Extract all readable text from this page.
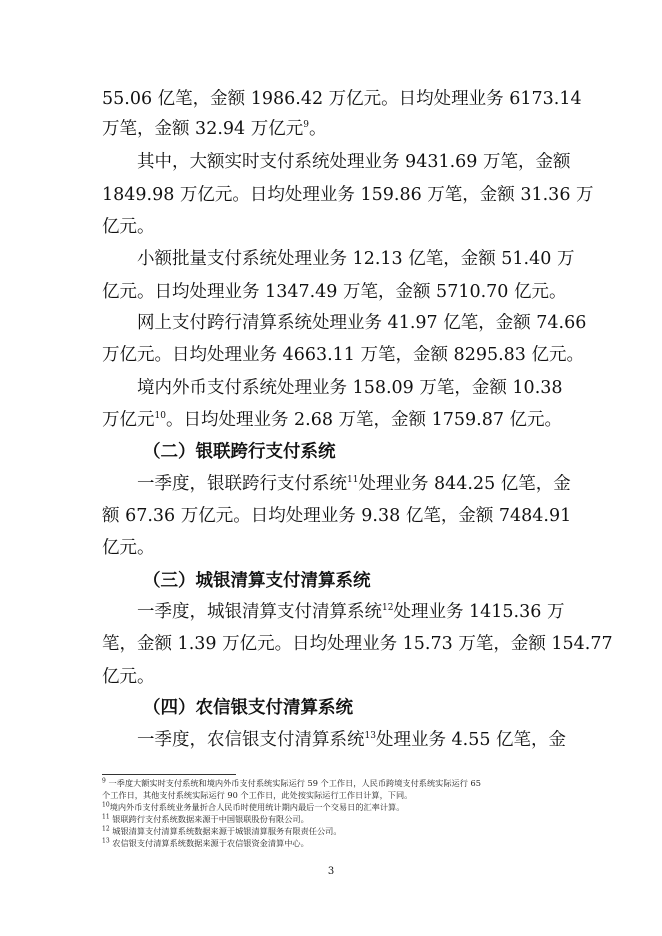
55.06 亿笔，金额 1986.42 万亿元。日均处理业务 6173.14
万笔，金额 32.94 万亿元$^9$。
其中，大额实时支付系统处理业务 9431.69 万笔，金额
1849.98 万亿元。日均处理业务 159.86 万笔，金额 31.36 万
亿元。
小额批量支付系统处理业务 12.13 亿笔，金额 51.40 万
亿元。日均处理业务 1347.49 万笔，金额 5710.70 亿元。
网上支付跨行清算系统处理业务 41.97 亿笔，金额 74.66
万亿元。日均处理业务 4663.11 万笔，金额 8295.83 亿元。
境内外币支付系统处理业务 158.09 万笔，金额 10.38
万亿元$^{10}$。日均处理业务 2.68 万笔，金额 1759.87 亿元。
（二）银联跨行支付系统
一季度，银联跨行支付系统$^{11}$处理业务 844.25 亿笔，金
额 67.36 万亿元。日均处理业务 9.38 亿笔，金额 7484.91
亿元。
（三）城银清算支付清算系统
一季度，城银清算支付清算系统$^{12}$处理业务 1415.36 万
笔，金额 1.39 万亿元。日均处理业务 15.73 万笔，金额 154.77
亿元。
（四）农信银支付清算系统
一季度，农信银支付清算系统$^{13}$处理业务 4.55 亿笔，金
$^9$ 一季度大额实时支付系统和境内外币支付系统实际运行 59 个工作日，人民币跨境支付系统实际运行 65
个工作日，其他支付系统实际运行 90 个工作日，此处按实际运行工作日计算，下同。
$^{10}$境内外币支付系统业务量折合人民币时使用统计期内最后一个交易日的汇率计算。
$^{11}$ 银联跨行支付系统数据来源于中国银联股份有限公司。
$^{12}$ 城银清算支付清算系统数据来源于城银清算服务有限责任公司。
$^{13}$ 农信银支付清算系统数据来源于农信银资金清算中心。
3
